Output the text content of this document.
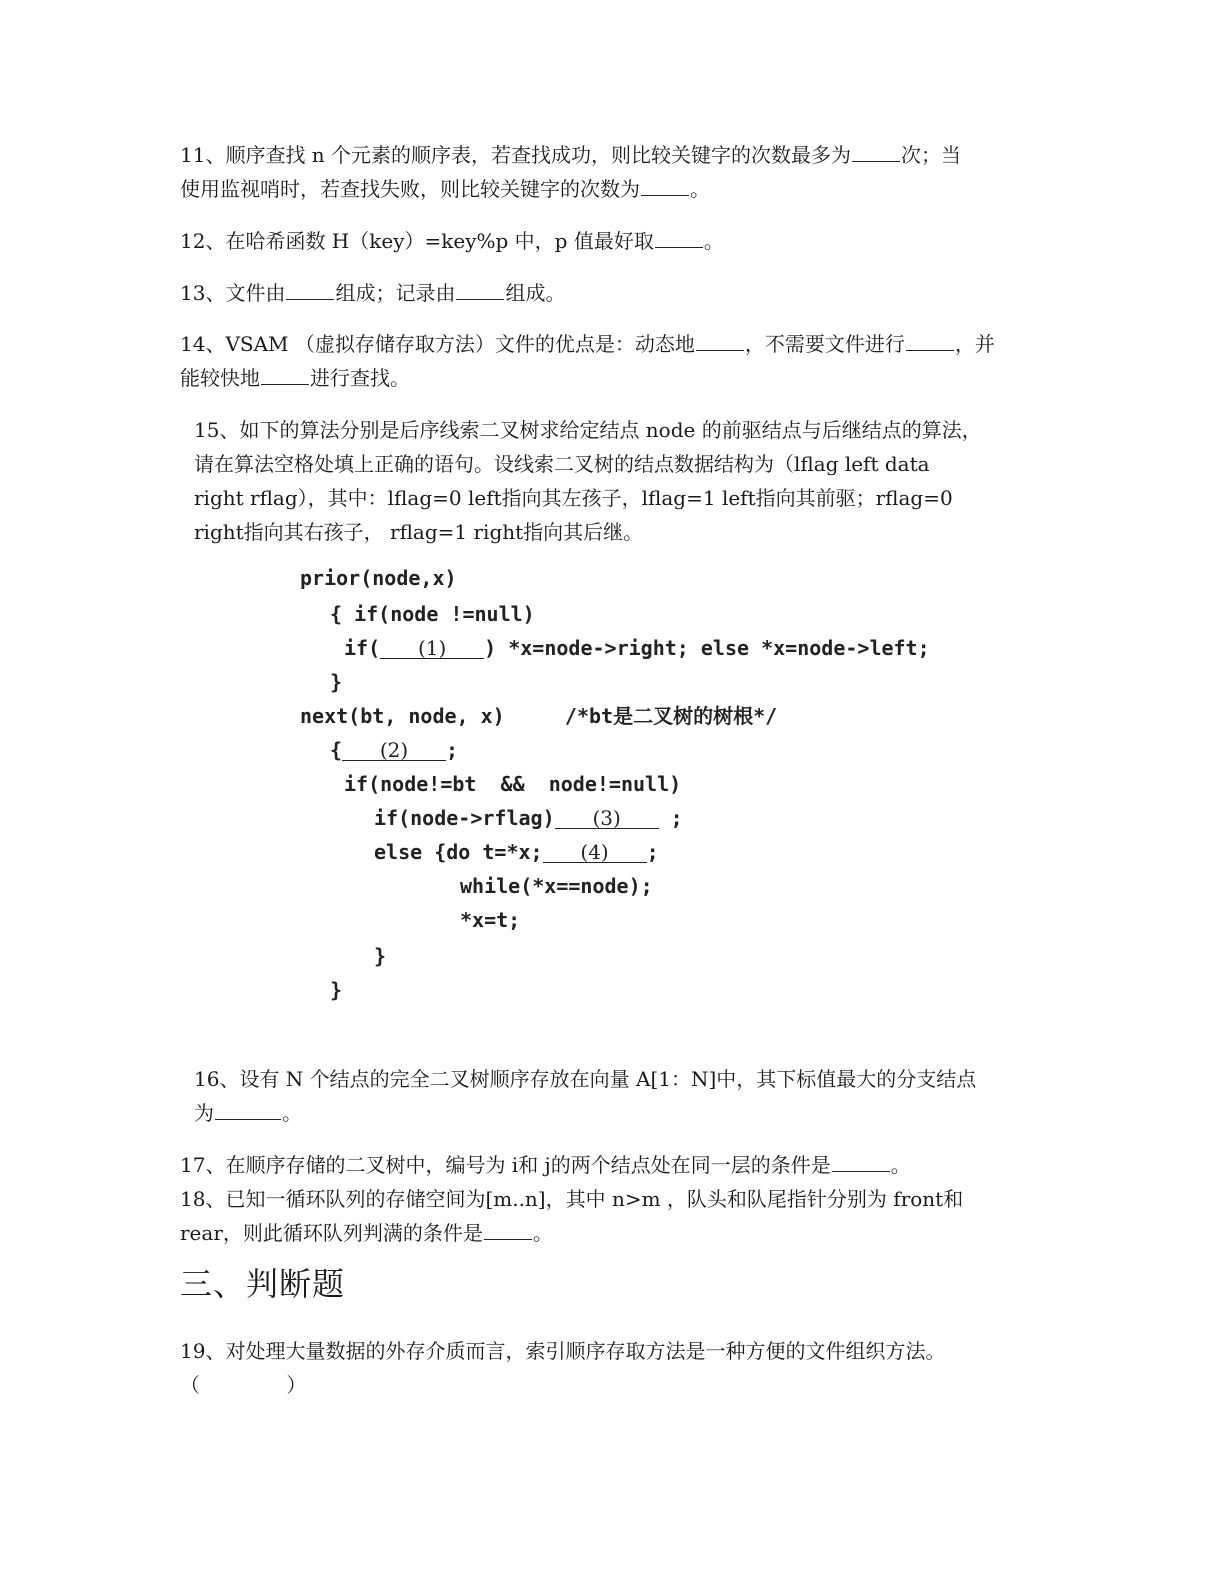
11、顺序查找 n 个元素的顺序表，若查找成功，则比较关键字的次数最多为	次；当
使用监视哨时，若查找失败，则比较关键字的次数为	。
12、在哈希函数 H（key）=key%p 中，p 值最好取	。
13、文件由	组成；记录由	组成。
14、VSAM （虚拟存储存取方法）文件的优点是：动态地	，不需要文件进行	，并
能较快地	进行查找。
15、如下的算法分别是后序线索二叉树求给定结点 node 的前驱结点与后继结点的算法，
请在算法空格处填上正确的语句。设线索二叉树的结点数据结构为（lflag left data
right rflag），其中：lflag=0 left指向其左孩子，lflag=1 left指向其前驱；rflag=0
right指向其右孩子， rflag=1 right指向其后继。
prior(node,x)
{ if(node !=null)
if( (1) ) *x=node->right; else *x=node->left;
}
next(bt, node, x)     /*bt是二叉树的树根*/
{ (2) ;
if(node!=bt  &&  node!=null)
if(node->rflag) (3) ;
else {do t=*x; (4) ;
while(*x==node);
*x=t;
}
}
16、设有 N 个结点的完全二叉树顺序存放在向量 A[1：N]中，其下标值最大的分支结点
为	。
17、在顺序存储的二叉树中，编号为 i和 j的两个结点处在同一层的条件是	。
18、已知一循环队列的存储空间为[m..n]，其中 n>m ，队头和队尾指针分别为 front和
rear，则此循环队列判满的条件是	。
三、判断题
19、对处理大量数据的外存介质而言，索引顺序存取方法是一种方便的文件组织方法。
（ ）
